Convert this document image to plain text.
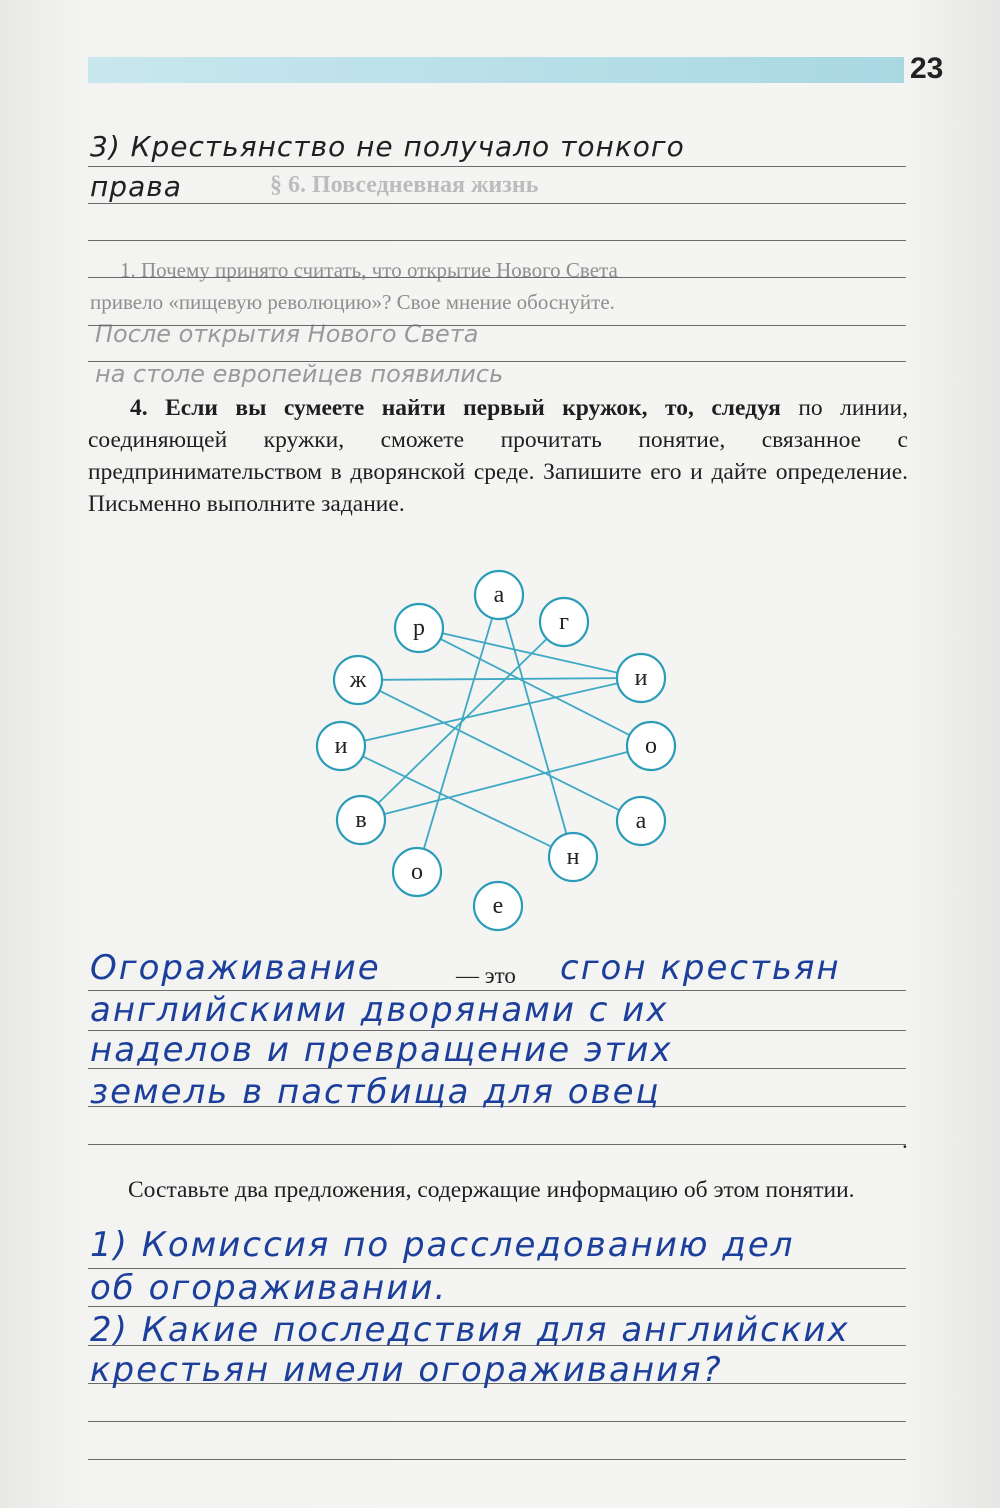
23
§ 6. Повседневная жизнь
1. Почему принято считать, что открытие Нового Света
привело «пищевую революцию»? Свое мнение обоснуйте.
После открытия Нового Света
на столе европейцев появились
3) Крестьянство не получало тонкого
права
4. Если вы сумеете найти первый кружок, то, следуя по линии, соединяющей кружки, сможете прочитать понятие, связанное с предпринимательством в дворянской среде. Запишите его и дайте определение. Письменно выполните задание.
а
р	г
ж	и
и	о
в	а
о
н
е
Огораживание	— это сгон крестьян
английскими дворянами с их
наделов и превращение этих
земель в пастбища для овец
.
Составьте два предложения, содержащие информацию об этом понятии.
1) Комиссия по расследованию дел
об огораживании.
2) Какие последствия для английских
крестьян имели огораживания?
